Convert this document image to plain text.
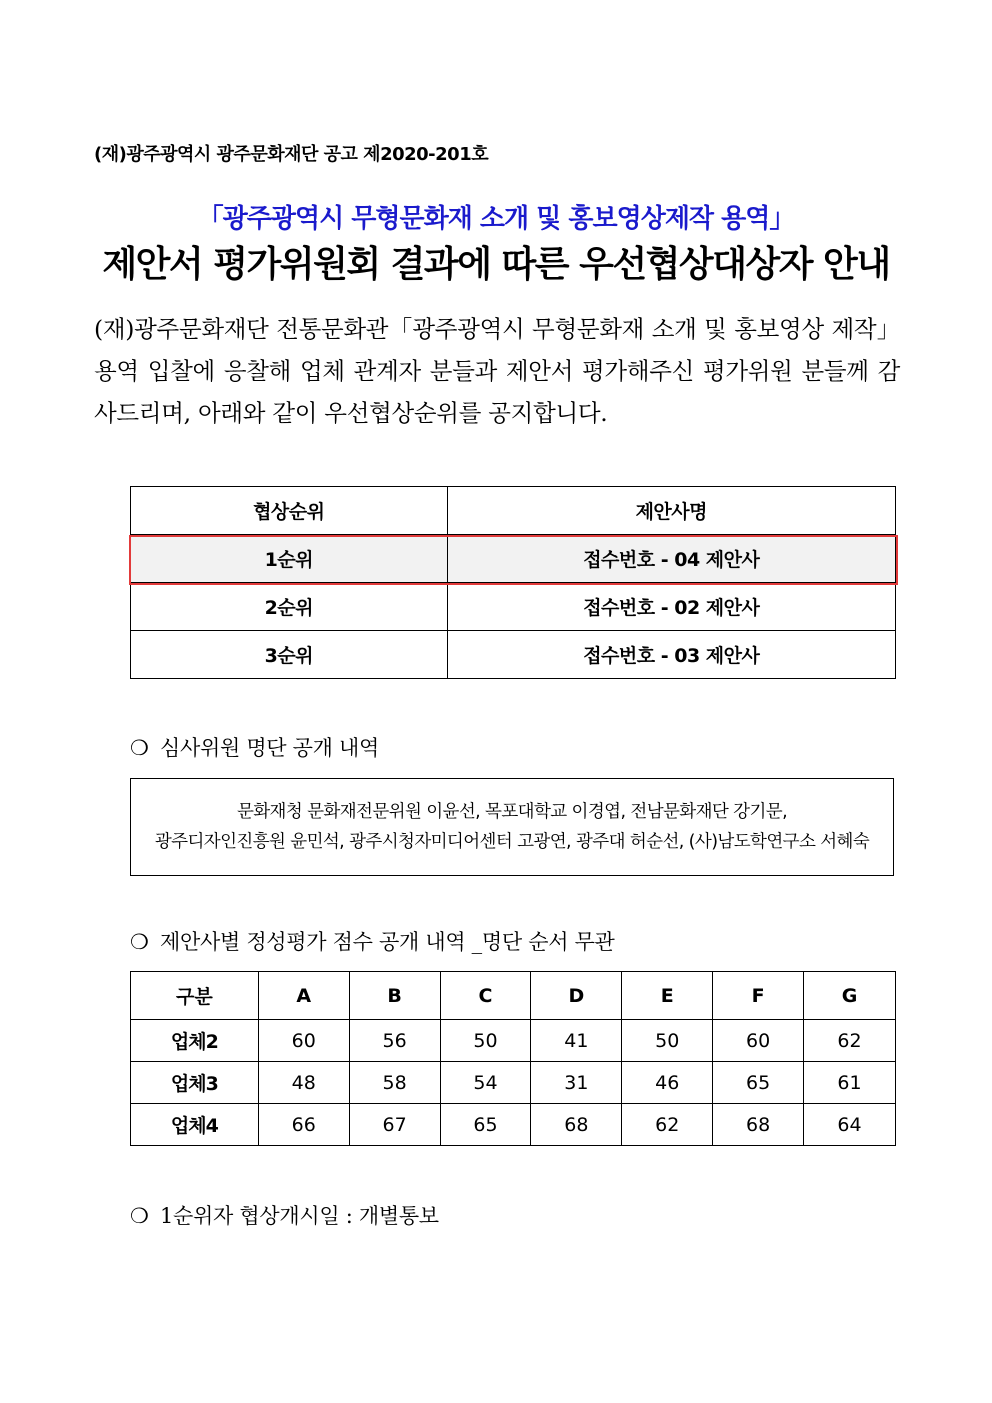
(재)광주광역시 광주문화재단 공고 제2020-201호
「광주광역시 무형문화재 소개 및 홍보영상제작 용역」
제안서 평가위원회 결과에 따른 우선협상대상자 안내
(재)광주문화재단 전통문화관「광주광역시 무형문화재 소개 및 홍보영상 제작」용역 입찰에 응찰해 업체 관계자 분들과 제안서 평가해주신 평가위원 분들께 감사드리며, 아래와 같이 우선협상순위를 공지합니다.
협상순위	제안사명
1순위	접수번호 - 04 제안사
2순위	접수번호 - 02 제안사
3순위	접수번호 - 03 제안사
❍ 심사위원 명단 공개 내역
문화재청 문화재전문위원 이윤선, 목포대학교 이경엽, 전남문화재단 강기문,
광주디자인진흥원 윤민석, 광주시청자미디어센터 고광연, 광주대 허순선, (사)남도학연구소 서혜숙
❍ 제안사별 정성평가 점수 공개 내역 _명단 순서 무관
구분	A	B	C	D	E	F	G
업체2	60	56	50	41	50	60	62
업체3	48	58	54	31	46	65	61
업체4	66	67	65	68	62	68	64
❍ 1순위자 협상개시일 : 개별통보
